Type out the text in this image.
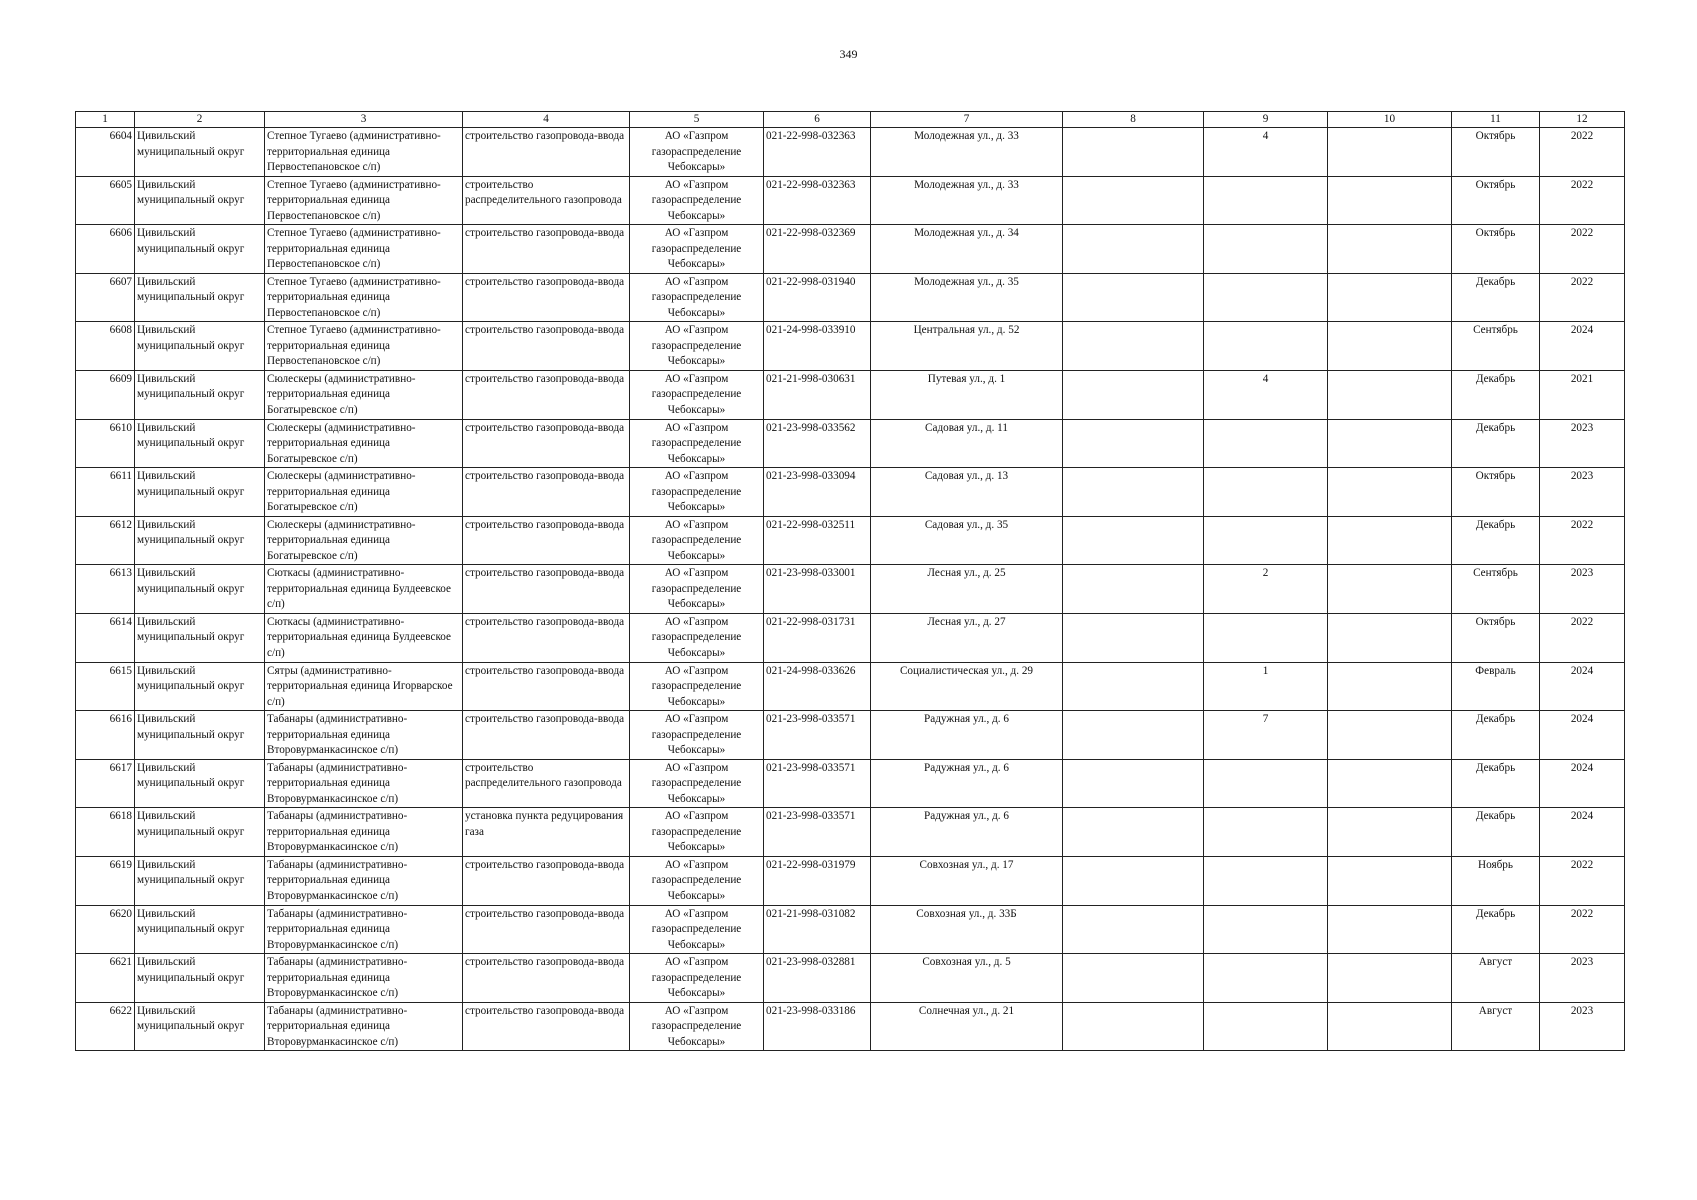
349
1	2	3	4	5	6	7	8	9	10	11	12
6604	Цивильский муниципальный округ	Степное Тугаево (административно-территориальная единица Первостепановское с/п)	строительство газопровода-ввода	АО «Газпром газораспределение Чебоксары»	021-22-998-032363	Молодежная ул., д. 33		4		Октябрь	2022
6605	Цивильский муниципальный округ	Степное Тугаево (административно-территориальная единица Первостепановское с/п)	строительство распределительного газопровода	АО «Газпром газораспределение Чебоксары»	021-22-998-032363	Молодежная ул., д. 33				Октябрь	2022
6606	Цивильский муниципальный округ	Степное Тугаево (административно-территориальная единица Первостепановское с/п)	строительство газопровода-ввода	АО «Газпром газораспределение Чебоксары»	021-22-998-032369	Молодежная ул., д. 34				Октябрь	2022
6607	Цивильский муниципальный округ	Степное Тугаево (административно-территориальная единица Первостепановское с/п)	строительство газопровода-ввода	АО «Газпром газораспределение Чебоксары»	021-22-998-031940	Молодежная ул., д. 35				Декабрь	2022
6608	Цивильский муниципальный округ	Степное Тугаево (административно-территориальная единица Первостепановское с/п)	строительство газопровода-ввода	АО «Газпром газораспределение Чебоксары»	021-24-998-033910	Центральная ул., д. 52				Сентябрь	2024
6609	Цивильский муниципальный округ	Сюлескеры (административно-территориальная единица Богатыревское с/п)	строительство газопровода-ввода	АО «Газпром газораспределение Чебоксары»	021-21-998-030631	Путевая ул., д. 1		4		Декабрь	2021
6610	Цивильский муниципальный округ	Сюлескеры (административно-территориальная единица Богатыревское с/п)	строительство газопровода-ввода	АО «Газпром газораспределение Чебоксары»	021-23-998-033562	Садовая ул., д. 11				Декабрь	2023
6611	Цивильский муниципальный округ	Сюлескеры (административно-территориальная единица Богатыревское с/п)	строительство газопровода-ввода	АО «Газпром газораспределение Чебоксары»	021-23-998-033094	Садовая ул., д. 13				Октябрь	2023
6612	Цивильский муниципальный округ	Сюлескеры (административно-территориальная единица Богатыревское с/п)	строительство газопровода-ввода	АО «Газпром газораспределение Чебоксары»	021-22-998-032511	Садовая ул., д. 35				Декабрь	2022
6613	Цивильский муниципальный округ	Сюткасы (административно-территориальная единица Булдеевское с/п)	строительство газопровода-ввода	АО «Газпром газораспределение Чебоксары»	021-23-998-033001	Лесная ул., д. 25		2		Сентябрь	2023
6614	Цивильский муниципальный округ	Сюткасы (административно-территориальная единица Булдеевское с/п)	строительство газопровода-ввода	АО «Газпром газораспределение Чебоксары»	021-22-998-031731	Лесная ул., д. 27				Октябрь	2022
6615	Цивильский муниципальный округ	Сятры (административно-территориальная единица Игорварское с/п)	строительство газопровода-ввода	АО «Газпром газораспределение Чебоксары»	021-24-998-033626	Социалистическая ул., д. 29		1		Февраль	2024
6616	Цивильский муниципальный округ	Табанары (административно-территориальная единица Второвурманкасинское с/п)	строительство газопровода-ввода	АО «Газпром газораспределение Чебоксары»	021-23-998-033571	Радужная ул., д. 6		7		Декабрь	2024
6617	Цивильский муниципальный округ	Табанары (административно-территориальная единица Второвурманкасинское с/п)	строительство распределительного газопровода	АО «Газпром газораспределение Чебоксары»	021-23-998-033571	Радужная ул., д. 6				Декабрь	2024
6618	Цивильский муниципальный округ	Табанары (административно-территориальная единица Второвурманкасинское с/п)	установка пункта редуцирования газа	АО «Газпром газораспределение Чебоксары»	021-23-998-033571	Радужная ул., д. 6				Декабрь	2024
6619	Цивильский муниципальный округ	Табанары (административно-территориальная единица Второвурманкасинское с/п)	строительство газопровода-ввода	АО «Газпром газораспределение Чебоксары»	021-22-998-031979	Совхозная ул., д. 17				Ноябрь	2022
6620	Цивильский муниципальный округ	Табанары (административно-территориальная единица Второвурманкасинское с/п)	строительство газопровода-ввода	АО «Газпром газораспределение Чебоксары»	021-21-998-031082	Совхозная ул., д. 33Б				Декабрь	2022
6621	Цивильский муниципальный округ	Табанары (административно-территориальная единица Второвурманкасинское с/п)	строительство газопровода-ввода	АО «Газпром газораспределение Чебоксары»	021-23-998-032881	Совхозная ул., д. 5				Август	2023
6622	Цивильский муниципальный округ	Табанары (административно-территориальная единица Второвурманкасинское с/п)	строительство газопровода-ввода	АО «Газпром газораспределение Чебоксары»	021-23-998-033186	Солнечная ул., д. 21				Август	2023
